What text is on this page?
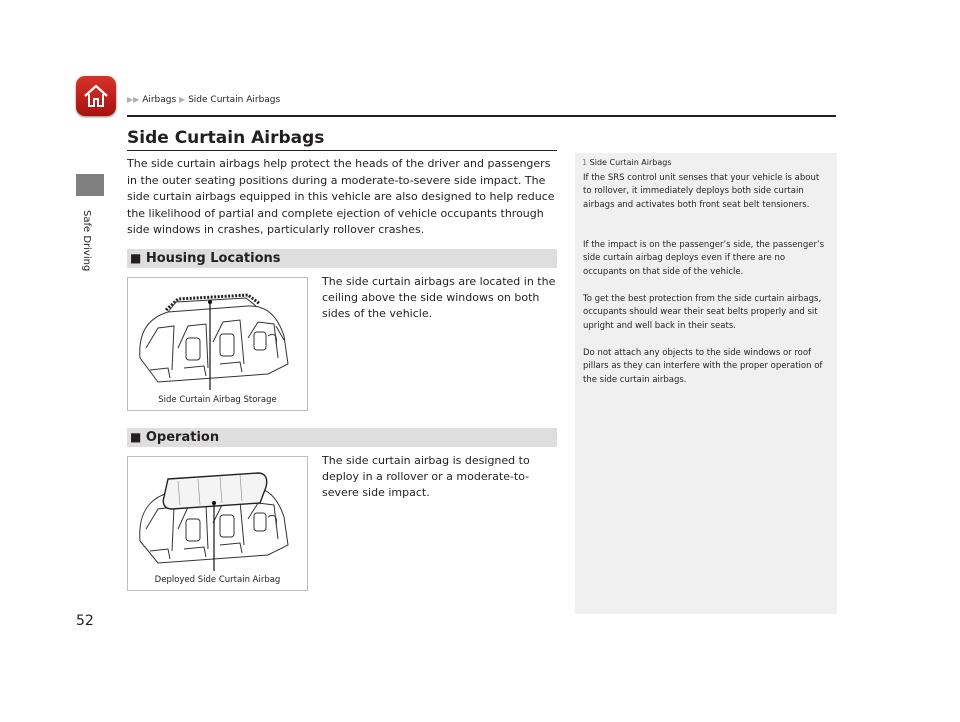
Safe Driving
▶▶ Airbags ▶ Side Curtain Airbags
Side Curtain Airbags

The side curtain airbags help protect the heads of the driver and passengers in the outer seating positions during a moderate-to-severe side impact. The side curtain airbags equipped in this vehicle are also designed to help reduce the likelihood of partial and complete ejection of vehicle occupants through side windows in crashes, particularly rollover crashes.

■ Housing Locations
Side Curtain Airbag Storage

The side curtain airbags are located in the ceiling above the side windows on both sides of the vehicle.

■ Operation
Deployed Side Curtain Airbag

The side curtain airbag is designed to deploy in a rollover or a moderate-to-severe side impact.

1 Side Curtain Airbags

If the SRS control unit senses that your vehicle is about to rollover, it immediately deploys both side curtain airbags and activates both front seat belt tensioners.

If the impact is on the passenger’s side, the passenger’s side curtain airbag deploys even if there are no occupants on that side of the vehicle.

To get the best protection from the side curtain airbags, occupants should wear their seat belts properly and sit upright and well back in their seats.

Do not attach any objects to the side windows or roof pillars as they can interfere with the proper operation of the side curtain airbags.

52
